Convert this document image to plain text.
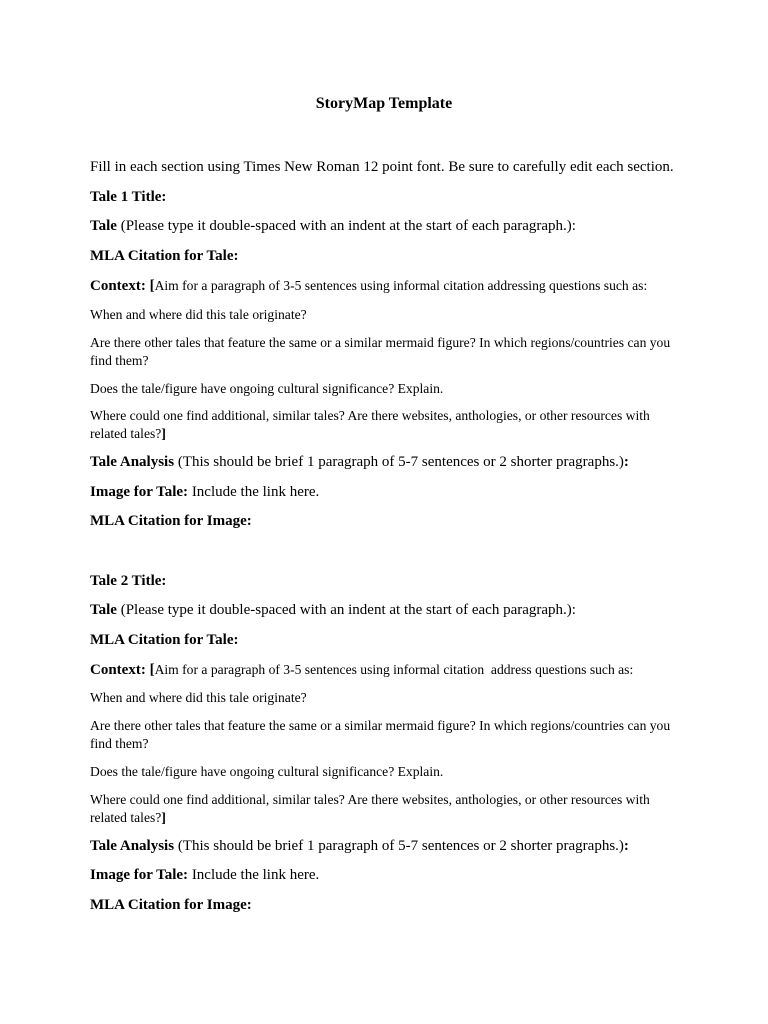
StoryMap Template
Fill in each section using Times New Roman 12 point font. Be sure to carefully edit each section.
Tale 1 Title:
Tale (Please type it double-spaced with an indent at the start of each paragraph.):
MLA Citation for Tale:
Context: [Aim for a paragraph of 3-5 sentences using informal citation addressing questions such as:
When and where did this tale originate?
Are there other tales that feature the same or a similar mermaid figure? In which regions/countries can you find them?
Does the tale/figure have ongoing cultural significance? Explain.
Where could one find additional, similar tales? Are there websites, anthologies, or other resources with related tales?]
Tale Analysis (This should be brief 1 paragraph of 5-7 sentences or 2 shorter pragraphs.):
Image for Tale: Include the link here.
MLA Citation for Image:
Tale 2 Title:
Tale (Please type it double-spaced with an indent at the start of each paragraph.):
MLA Citation for Tale:
Context: [Aim for a paragraph of 3-5 sentences using informal citation  address questions such as:
When and where did this tale originate?
Are there other tales that feature the same or a similar mermaid figure? In which regions/countries can you find them?
Does the tale/figure have ongoing cultural significance? Explain.
Where could one find additional, similar tales? Are there websites, anthologies, or other resources with related tales?]
Tale Analysis (This should be brief 1 paragraph of 5-7 sentences or 2 shorter pragraphs.):
Image for Tale: Include the link here.
MLA Citation for Image:
